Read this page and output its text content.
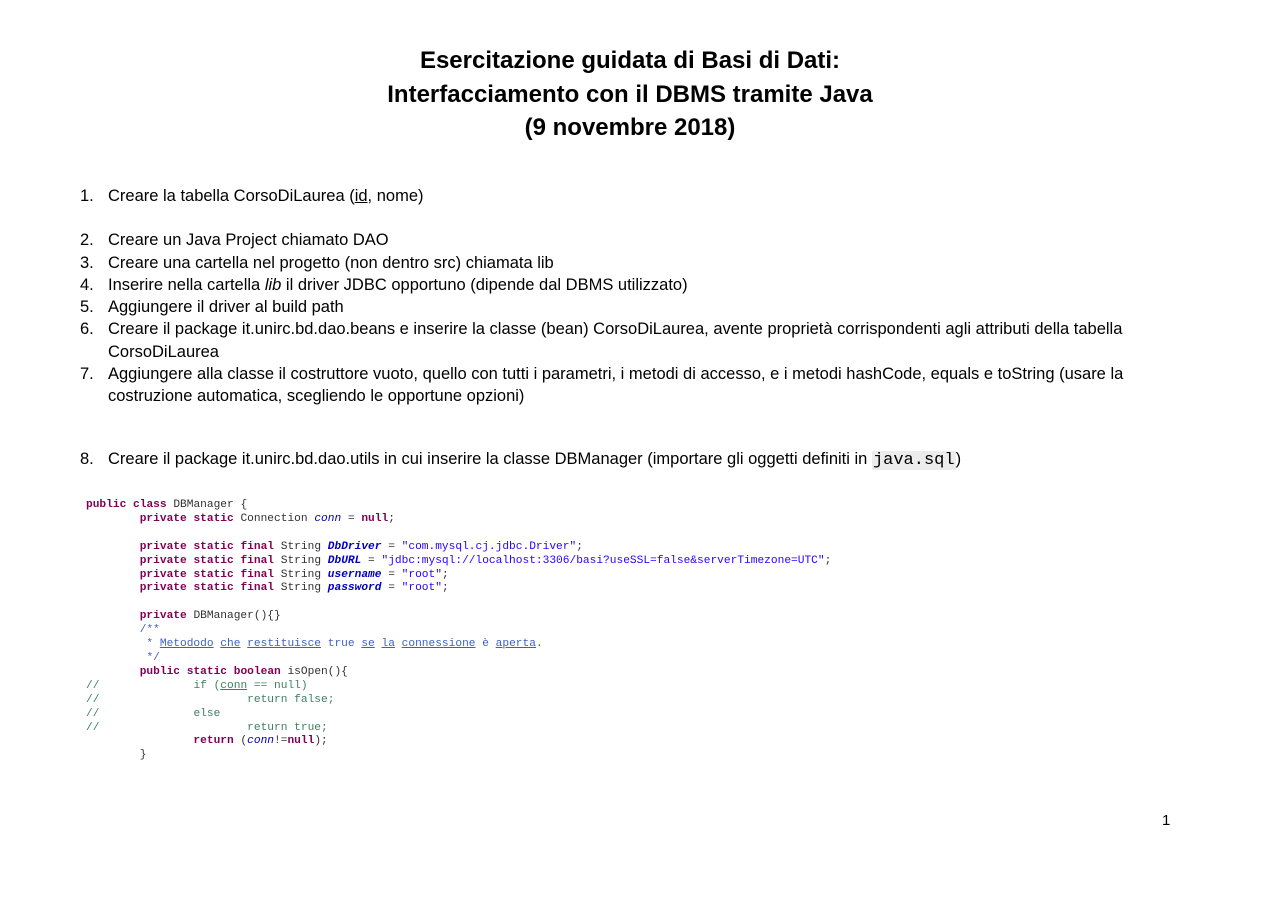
Esercitazione guidata di Basi di Dati:
Interfacciamento con il DBMS tramite Java
(9 novembre 2018)
1. Creare la tabella CorsoDiLaurea (id, nome)
2. Creare un Java Project chiamato DAO
3. Creare una cartella nel progetto (non dentro src) chiamata lib
4. Inserire nella cartella lib il driver JDBC opportuno (dipende dal DBMS utilizzato)
5. Aggiungere il driver al build path
6. Creare il package it.unirc.bd.dao.beans e inserire la classe (bean) CorsoDiLaurea, avente proprietà corrispondenti agli attributi della tabella CorsoDiLaurea
7. Aggiungere alla classe il costruttore vuoto, quello con tutti i parametri, i metodi di accesso, e i metodi hashCode, equals e toString (usare la costruzione automatica, scegliendo le opportune opzioni)
8. Creare il package it.unirc.bd.dao.utils in cui inserire la classe DBManager (importare gli oggetti definiti in java.sql)
public class DBManager {
private static Connection conn = null;

private static final String DbDriver = "com.mysql.cj.jdbc.Driver";
private static final String DbURL = "jdbc:mysql://localhost:3306/basi?useSSL=false&serverTimezone=UTC";
private static final String username = "root";
private static final String password = "root";

private DBManager(){}
/**
* Metododo che restituisce true se la connessione è aperta.
*/
public static boolean isOpen(){
//	if (conn == null)
//	return false;
//	else
//	return true;
return (conn!=null);
}
1
